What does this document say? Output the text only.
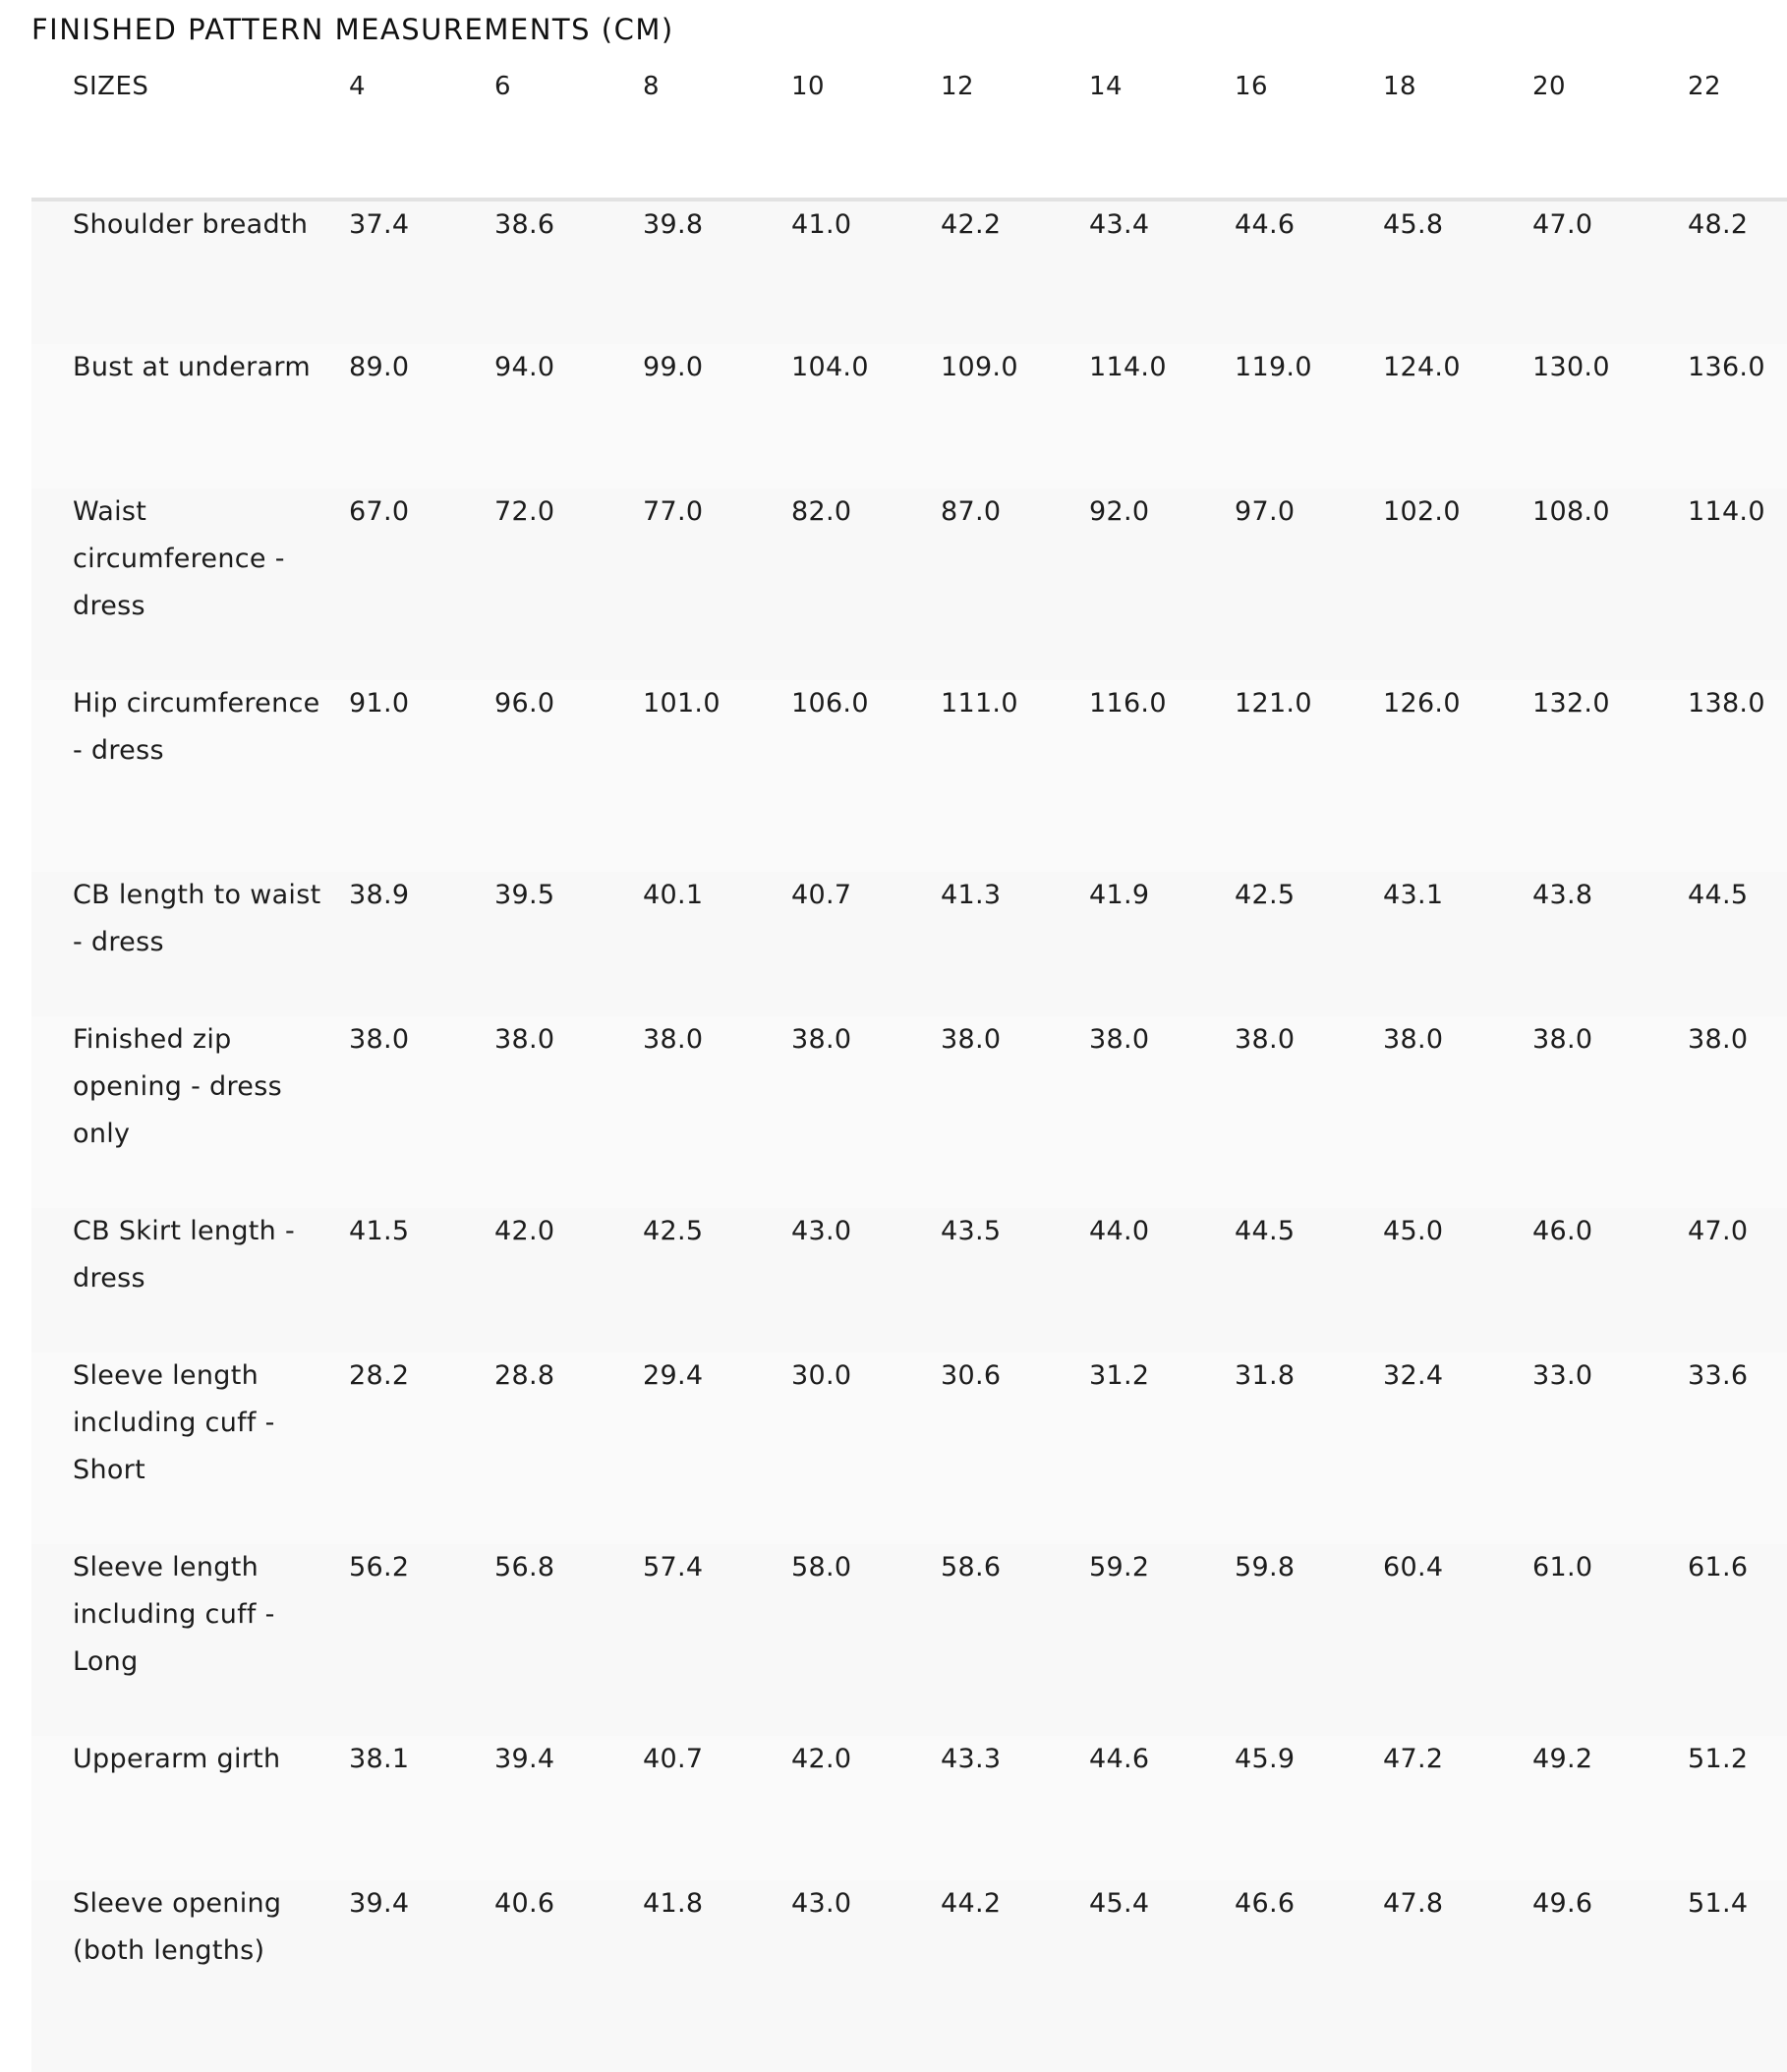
FINISHED PATTERN MEASUREMENTS (CM)
SIZES	4	6	8	10	12	14	16	18	20	22
Shoulder breadth	37.4	38.6	39.8	41.0	42.2	43.4	44.6	45.8	47.0	48.2
Bust at underarm	89.0	94.0	99.0	104.0	109.0	114.0	119.0	124.0	130.0	136.0
Waist circumference - dress	67.0	72.0	77.0	82.0	87.0	92.0	97.0	102.0	108.0	114.0
Hip circumference - dress	91.0	96.0	101.0	106.0	111.0	116.0	121.0	126.0	132.0	138.0
CB length to waist - dress	38.9	39.5	40.1	40.7	41.3	41.9	42.5	43.1	43.8	44.5
Finished zip opening - dress only	38.0	38.0	38.0	38.0	38.0	38.0	38.0	38.0	38.0	38.0
CB Skirt length - dress	41.5	42.0	42.5	43.0	43.5	44.0	44.5	45.0	46.0	47.0
Sleeve length including cuff - Short	28.2	28.8	29.4	30.0	30.6	31.2	31.8	32.4	33.0	33.6
Sleeve length including cuff - Long	56.2	56.8	57.4	58.0	58.6	59.2	59.8	60.4	61.0	61.6
Upperarm girth	38.1	39.4	40.7	42.0	43.3	44.6	45.9	47.2	49.2	51.2
Sleeve opening (both lengths)	39.4	40.6	41.8	43.0	44.2	45.4	46.6	47.8	49.6	51.4
